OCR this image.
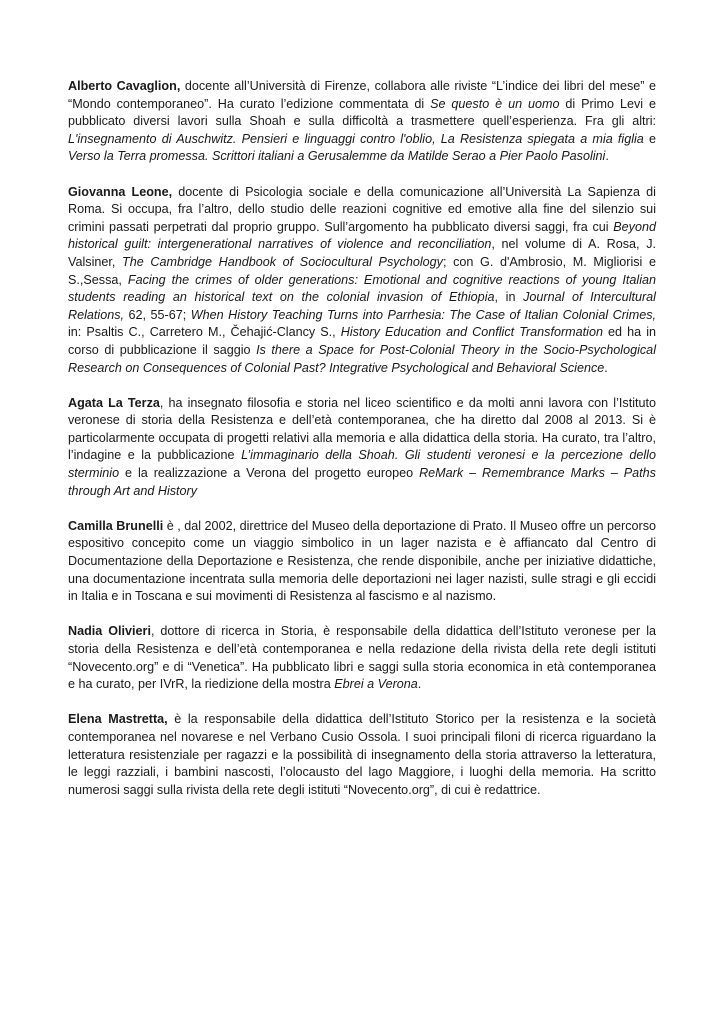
Alberto Cavaglion, docente all’Università di Firenze, collabora alle riviste “L’indice dei libri del mese” e “Mondo contemporaneo”. Ha curato l’edizione commentata di Se questo è un uomo di Primo Levi e pubblicato diversi lavori sulla Shoah e sulla difficoltà a trasmettere quell’esperienza. Fra gli altri: L'insegnamento di Auschwitz. Pensieri e linguaggi contro l'oblio, La Resistenza spiegata a mia figlia e Verso la Terra promessa. Scrittori italiani a Gerusalemme da Matilde Serao a Pier Paolo Pasolini.

Giovanna Leone, docente di Psicologia sociale e della comunicazione all’Università La Sapienza di Roma. Si occupa, fra l’altro, dello studio delle reazioni cognitive ed emotive alla fine del silenzio sui crimini passati perpetrati dal proprio gruppo. Sull’argomento ha pubblicato diversi saggi, fra cui Beyond historical guilt: intergenerational narratives of violence and reconciliation, nel volume di A. Rosa, J. Valsiner, The Cambridge Handbook of Sociocultural Psychology; con G. d'Ambrosio, M. Migliorisi e S.,Sessa, Facing the crimes of older generations: Emotional and cognitive reactions of young Italian students reading an historical text on the colonial invasion of Ethiopia, in Journal of Intercultural Relations, 62, 55-67; When History Teaching Turns into Parrhesia: The Case of Italian Colonial Crimes, in: Psaltis C., Carretero M., Čehajić-Clancy S., History Education and Conflict Transformation ed ha in corso di pubblicazione il saggio Is there a Space for Post-Colonial Theory in the Socio-Psychological Research on Consequences of Colonial Past? Integrative Psychological and Behavioral Science.

Agata La Terza, ha insegnato filosofia e storia nel liceo scientifico e da molti anni lavora con l’Istituto veronese di storia della Resistenza e dell’età contemporanea, che ha diretto dal 2008 al 2013. Si è particolarmente occupata di progetti relativi alla memoria e alla didattica della storia. Ha curato, tra l’altro, l’indagine e la pubblicazione L’immaginario della Shoah. Gli studenti veronesi e la percezione dello sterminio e la realizzazione a Verona del progetto europeo ReMark – Remembrance Marks – Paths through Art and History

Camilla Brunelli è , dal 2002, direttrice del Museo della deportazione di Prato. Il Museo offre un percorso espositivo concepito come un viaggio simbolico in un lager nazista e è affiancato dal Centro di Documentazione della Deportazione e Resistenza, che rende disponibile, anche per iniziative didattiche, una documentazione incentrata sulla memoria delle deportazioni nei lager nazisti, sulle stragi e gli eccidi in Italia e in Toscana e sui movimenti di Resistenza al fascismo e al nazismo.

Nadia Olivieri, dottore di ricerca in Storia, è responsabile della didattica dell’Istituto veronese per la storia della Resistenza e dell’età contemporanea e nella redazione della rivista della rete degli istituti “Novecento.org” e di “Venetica”. Ha pubblicato libri e saggi sulla storia economica in età contemporanea e ha curato, per IVrR, la riedizione della mostra Ebrei a Verona.

Elena Mastretta, è la responsabile della didattica dell’Istituto Storico per la resistenza e la società contemporanea nel novarese e nel Verbano Cusio Ossola. I suoi principali filoni di ricerca riguardano la letteratura resistenziale per ragazzi e la possibilità di insegnamento della storia attraverso la letteratura, le leggi razziali, i bambini nascosti, l’olocausto del lago Maggiore, i luoghi della memoria. Ha scritto numerosi saggi sulla rivista della rete degli istituti “Novecento.org”, di cui è redattrice.
